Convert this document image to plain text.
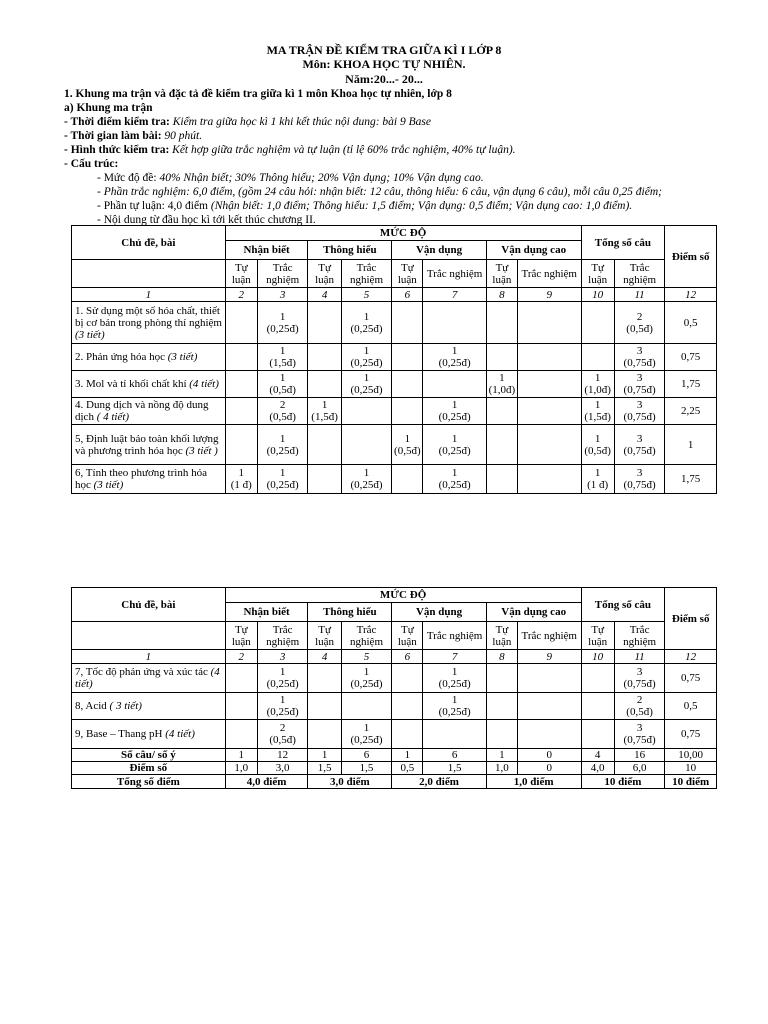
MA TRẬN ĐỀ KIỂM TRA GIỮA KÌ I LỚP 8
Môn: KHOA HỌC TỰ NHIÊN.
Năm:20...- 20...
1. Khung ma trận và đặc tả đề kiểm tra giữa kì 1 môn Khoa học tự nhiên, lớp 8
a) Khung ma trận
- Thời điểm kiểm tra: Kiểm tra giữa học kì 1 khi kết thúc nội dung: bài 9 Base
- Thời gian làm bài: 90 phút.
- Hình thức kiểm tra: Kết hợp giữa trắc nghiệm và tự luận (tỉ lệ 60% trắc nghiệm, 40% tự luận).
- Cấu trúc:
- Mức độ đề: 40% Nhận biết; 30% Thông hiểu; 20% Vận dụng; 10% Vận dụng cao.
- Phần trắc nghiệm: 6,0 điểm, (gồm 24 câu hỏi: nhận biết: 12 câu, thông hiểu: 6 câu, vận dụng 6 câu), mỗi câu 0,25 điểm;
- Phần tự luận: 4,0 điểm (Nhận biết: 1,0 điểm; Thông hiểu: 1,5 điểm; Vận dụng: 0,5 điểm; Vận dụng cao: 1,0 điểm).
- Nội dung từ đầu học kì tới kết thúc chương II.
Chủ đề, bài	MỨC ĐỘ								Tổng số câu		Điểm số
	Nhận biết		Thông hiểu		Vận dụng		Vận dụng cao				
	Tự luận	Trắc nghiệm	Tự luận	Trắc nghiệm	Tự luận	Trắc nghiệm	Tự luận	Trắc nghiệm	Tự luận	Trắc nghiệm	
1	2	3	4	5	6	7	8	9	10	11	12
1. Sử dụng một số hóa chất, thiết bị cơ bản trong phòng thí nghiệm (3 tiết)		1
(0,25đ)		1
(0,25đ)						2
(0,5đ)	0,5
2. Phản ứng hóa học (3 tiết)		1
(1,5đ)		1
(0,25đ)		1
(0,25đ)				3
(0,75đ)	0,75
3. Mol và tỉ khối chất khí (4 tiết)		1
(0,5đ)		1
(0,25đ)			1
(1,0đ)		1
(1,0đ)	3
(0,75đ)	1,75
4. Dung dịch và nồng độ dung dịch ( 4 tiết)		2
(0,5đ)	1
(1,5đ)			1
(0,25đ)			1
(1,5đ)	3
(0,75đ)	2,25
5, Định luật bảo toàn khối lượng và phương trình hóa học (3 tiết )		1
(0,25đ)			1
(0,5đ)	1
(0,25đ)			1
(0,5đ)	3
(0,75đ)	1
6, Tính theo phương trình hóa học (3 tiết)	1
(1 đ)	1
(0,25đ)		1
(0,25đ)		1
(0,25đ)			1
(1 đ)	3
(0,75đ)	1,75
Chủ đề, bài	MỨC ĐỘ								Tổng số câu		Điểm số
	Nhận biết		Thông hiểu		Vận dụng		Vận dụng cao				
	Tự luận	Trắc nghiệm	Tự luận	Trắc nghiệm	Tự luận	Trắc nghiệm	Tự luận	Trắc nghiệm	Tự luận	Trắc nghiệm	
1	2	3	4	5	6	7	8	9	10	11	12
7, Tốc độ phản ứng và xúc tác (4 tiết)		1
(0,25đ)		1
(0,25đ)		1
(0,25đ)				3
(0,75đ)	0,75
8, Acid ( 3 tiết)		1
(0,25đ)				1
(0,25đ)				2
(0,5đ)	0,5
9, Base – Thang pH (4 tiết)		2
(0,5đ)		1
(0,25đ)						3
(0,75đ)	0,75
Số câu/ số ý	1	12	1	6	1	6	1	0	4	16	10,00
Điểm số	1,0	3,0	1,5	1,5	0,5	1,5	1,0	0	4,0	6,0	10
Tổng số điểm	4,0 điểm		3,0 điểm		2,0 điểm		1,0 điểm		10 điểm		10 điểm
